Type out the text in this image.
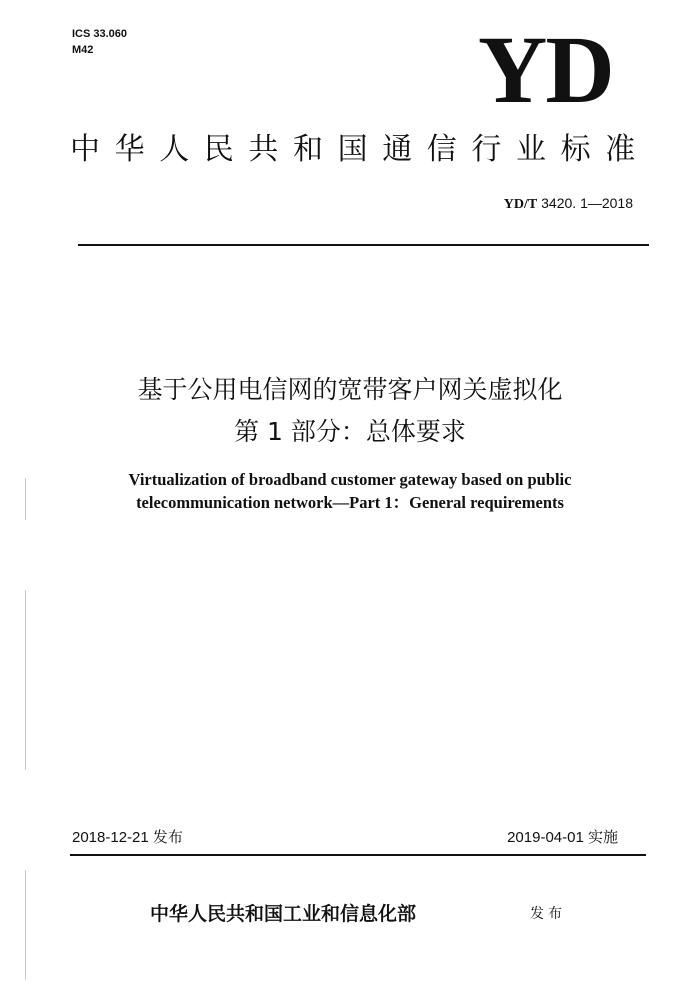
ICS 33.060
M42	YD
中华人民共和国通信行业标准
YD/T 3420. 1—2018
基于公用电信网的宽带客户网关虚拟化
第 1 部分：总体要求
Virtualization of broadband customer gateway based on public
telecommunication network—Part 1：General requirements
2018-12-21 发布	2019-04-01 实施
中华人民共和国工业和信息化部	发布
